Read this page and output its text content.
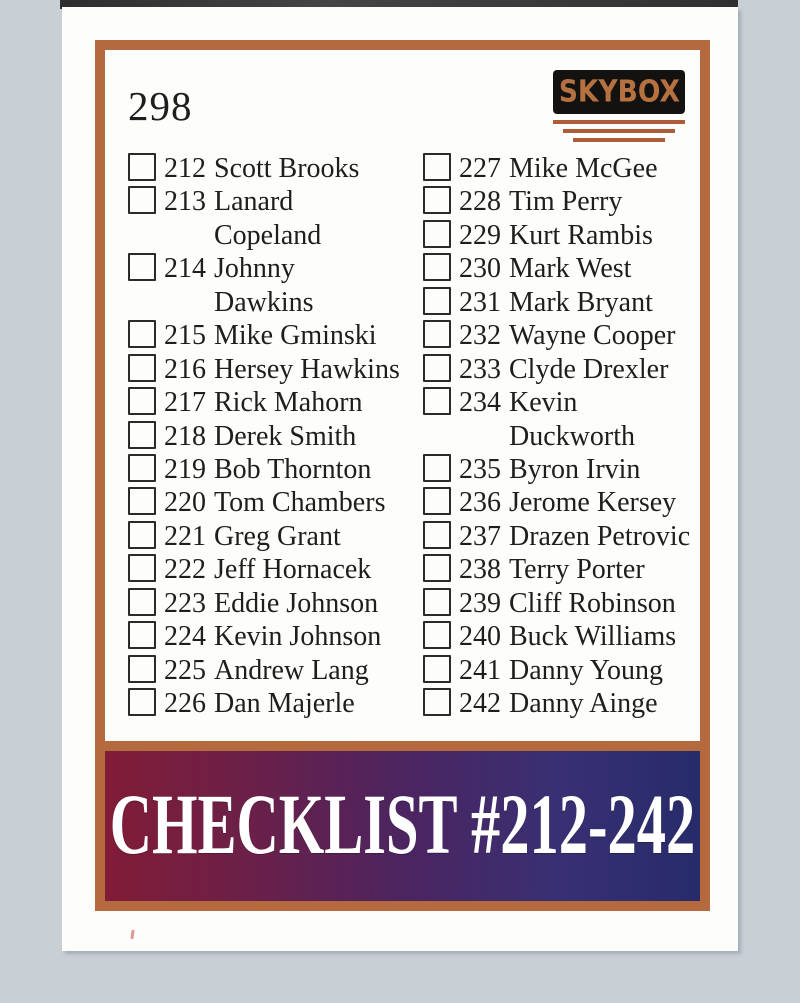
298	SKYBOX
212 Scott Brooks
213 Lanard
Copeland
214 Johnny
Dawkins
215 Mike Gminski
216 Hersey Hawkins
217 Rick Mahorn
218 Derek Smith
219 Bob Thornton
220 Tom Chambers
221 Greg Grant
222 Jeff Hornacek
223 Eddie Johnson
224 Kevin Johnson
225 Andrew Lang
226 Dan Majerle
227 Mike McGee
228 Tim Perry
229 Kurt Rambis
230 Mark West
231 Mark Bryant
232 Wayne Cooper
233 Clyde Drexler
234 Kevin
Duckworth
235 Byron Irvin
236 Jerome Kersey
237 Drazen Petrovic
238 Terry Porter
239 Cliff Robinson
240 Buck Williams
241 Danny Young
242 Danny Ainge
CHECKLIST #212-242
